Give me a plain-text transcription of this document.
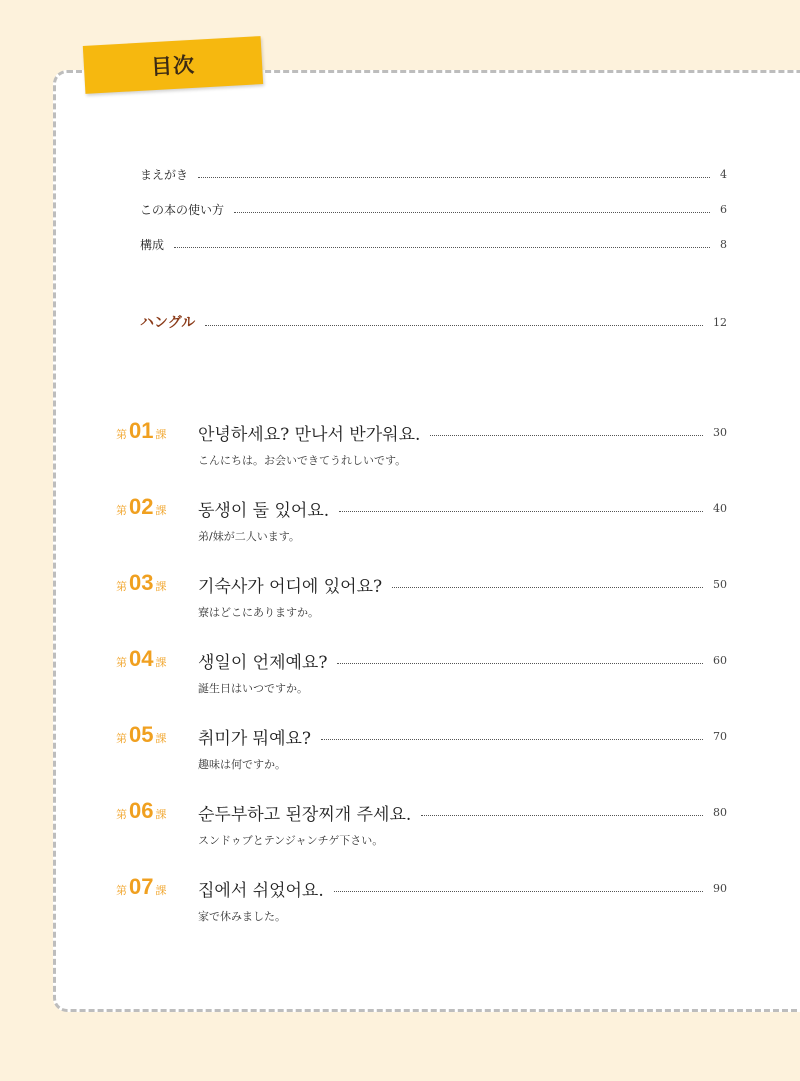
目次
まえがき	4
この本の使い方	6
構成	8
ハングル	12
第 01 課 안녕하세요? 만나서 반가워요.	30
こんにちは。お会いできてうれしいです。
第 02 課 동생이 둘 있어요.	40
弟/妹が二人います。
第 03 課 기숙사가 어디에 있어요?	50
寮はどこにありますか。
第 04 課 생일이 언제예요?	60
誕生日はいつですか。
第 05 課 취미가 뭐예요?	70
趣味は何ですか。
第 06 課 순두부하고 된장찌개 주세요.	80
スンドゥブとテンジャンチゲ下さい。
第 07 課 집에서 쉬었어요.	90
家で休みました。
